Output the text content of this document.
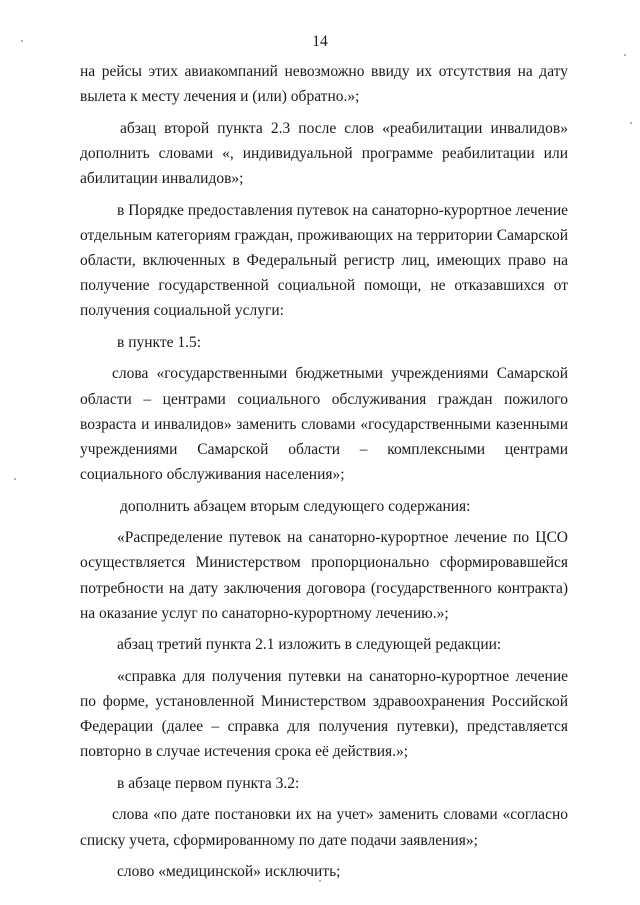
14

на рейсы этих авиакомпаний невозможно ввиду их отсутствия на дату вылета к месту лечения и (или) обратно.»;

абзац второй пункта 2.3 после слов «реабилитации инвалидов» дополнить словами «, индивидуальной программе реабилитации или абилитации инвалидов»;

в Порядке предоставления путевок на санаторно-курортное лечение отдельным категориям граждан, проживающих на территории Самарской области, включенных в Федеральный регистр лиц, имеющих право на получение государственной социальной помощи, не отказавшихся от получения социальной услуги:

в пункте 1.5:

слова «государственными бюджетными учреждениями Самарской области – центрами социального обслуживания граждан пожилого возраста и инвалидов» заменить словами «государственными казенными учреждениями Самарской области – комплексными центрами социального обслуживания населения»;

дополнить абзацем вторым следующего содержания:

«Распределение путевок на санаторно-курортное лечение по ЦСО осуществляется Министерством пропорционально сформировавшейся потребности на дату заключения договора (государственного контракта) на оказание услуг по санаторно-курортному лечению.»;

абзац третий пункта 2.1 изложить в следующей редакции:

«справка для получения путевки на санаторно-курортное лечение по форме, установленной Министерством здравоохранения Российской Федерации (далее – справка для получения путевки), представляется повторно в случае истечения срока её действия.»;

в абзаце первом пункта 3.2:

слова «по дате постановки их на учет» заменить словами «согласно списку учета, сформированному по дате подачи заявления»;

слово «медицинской» исключить;
